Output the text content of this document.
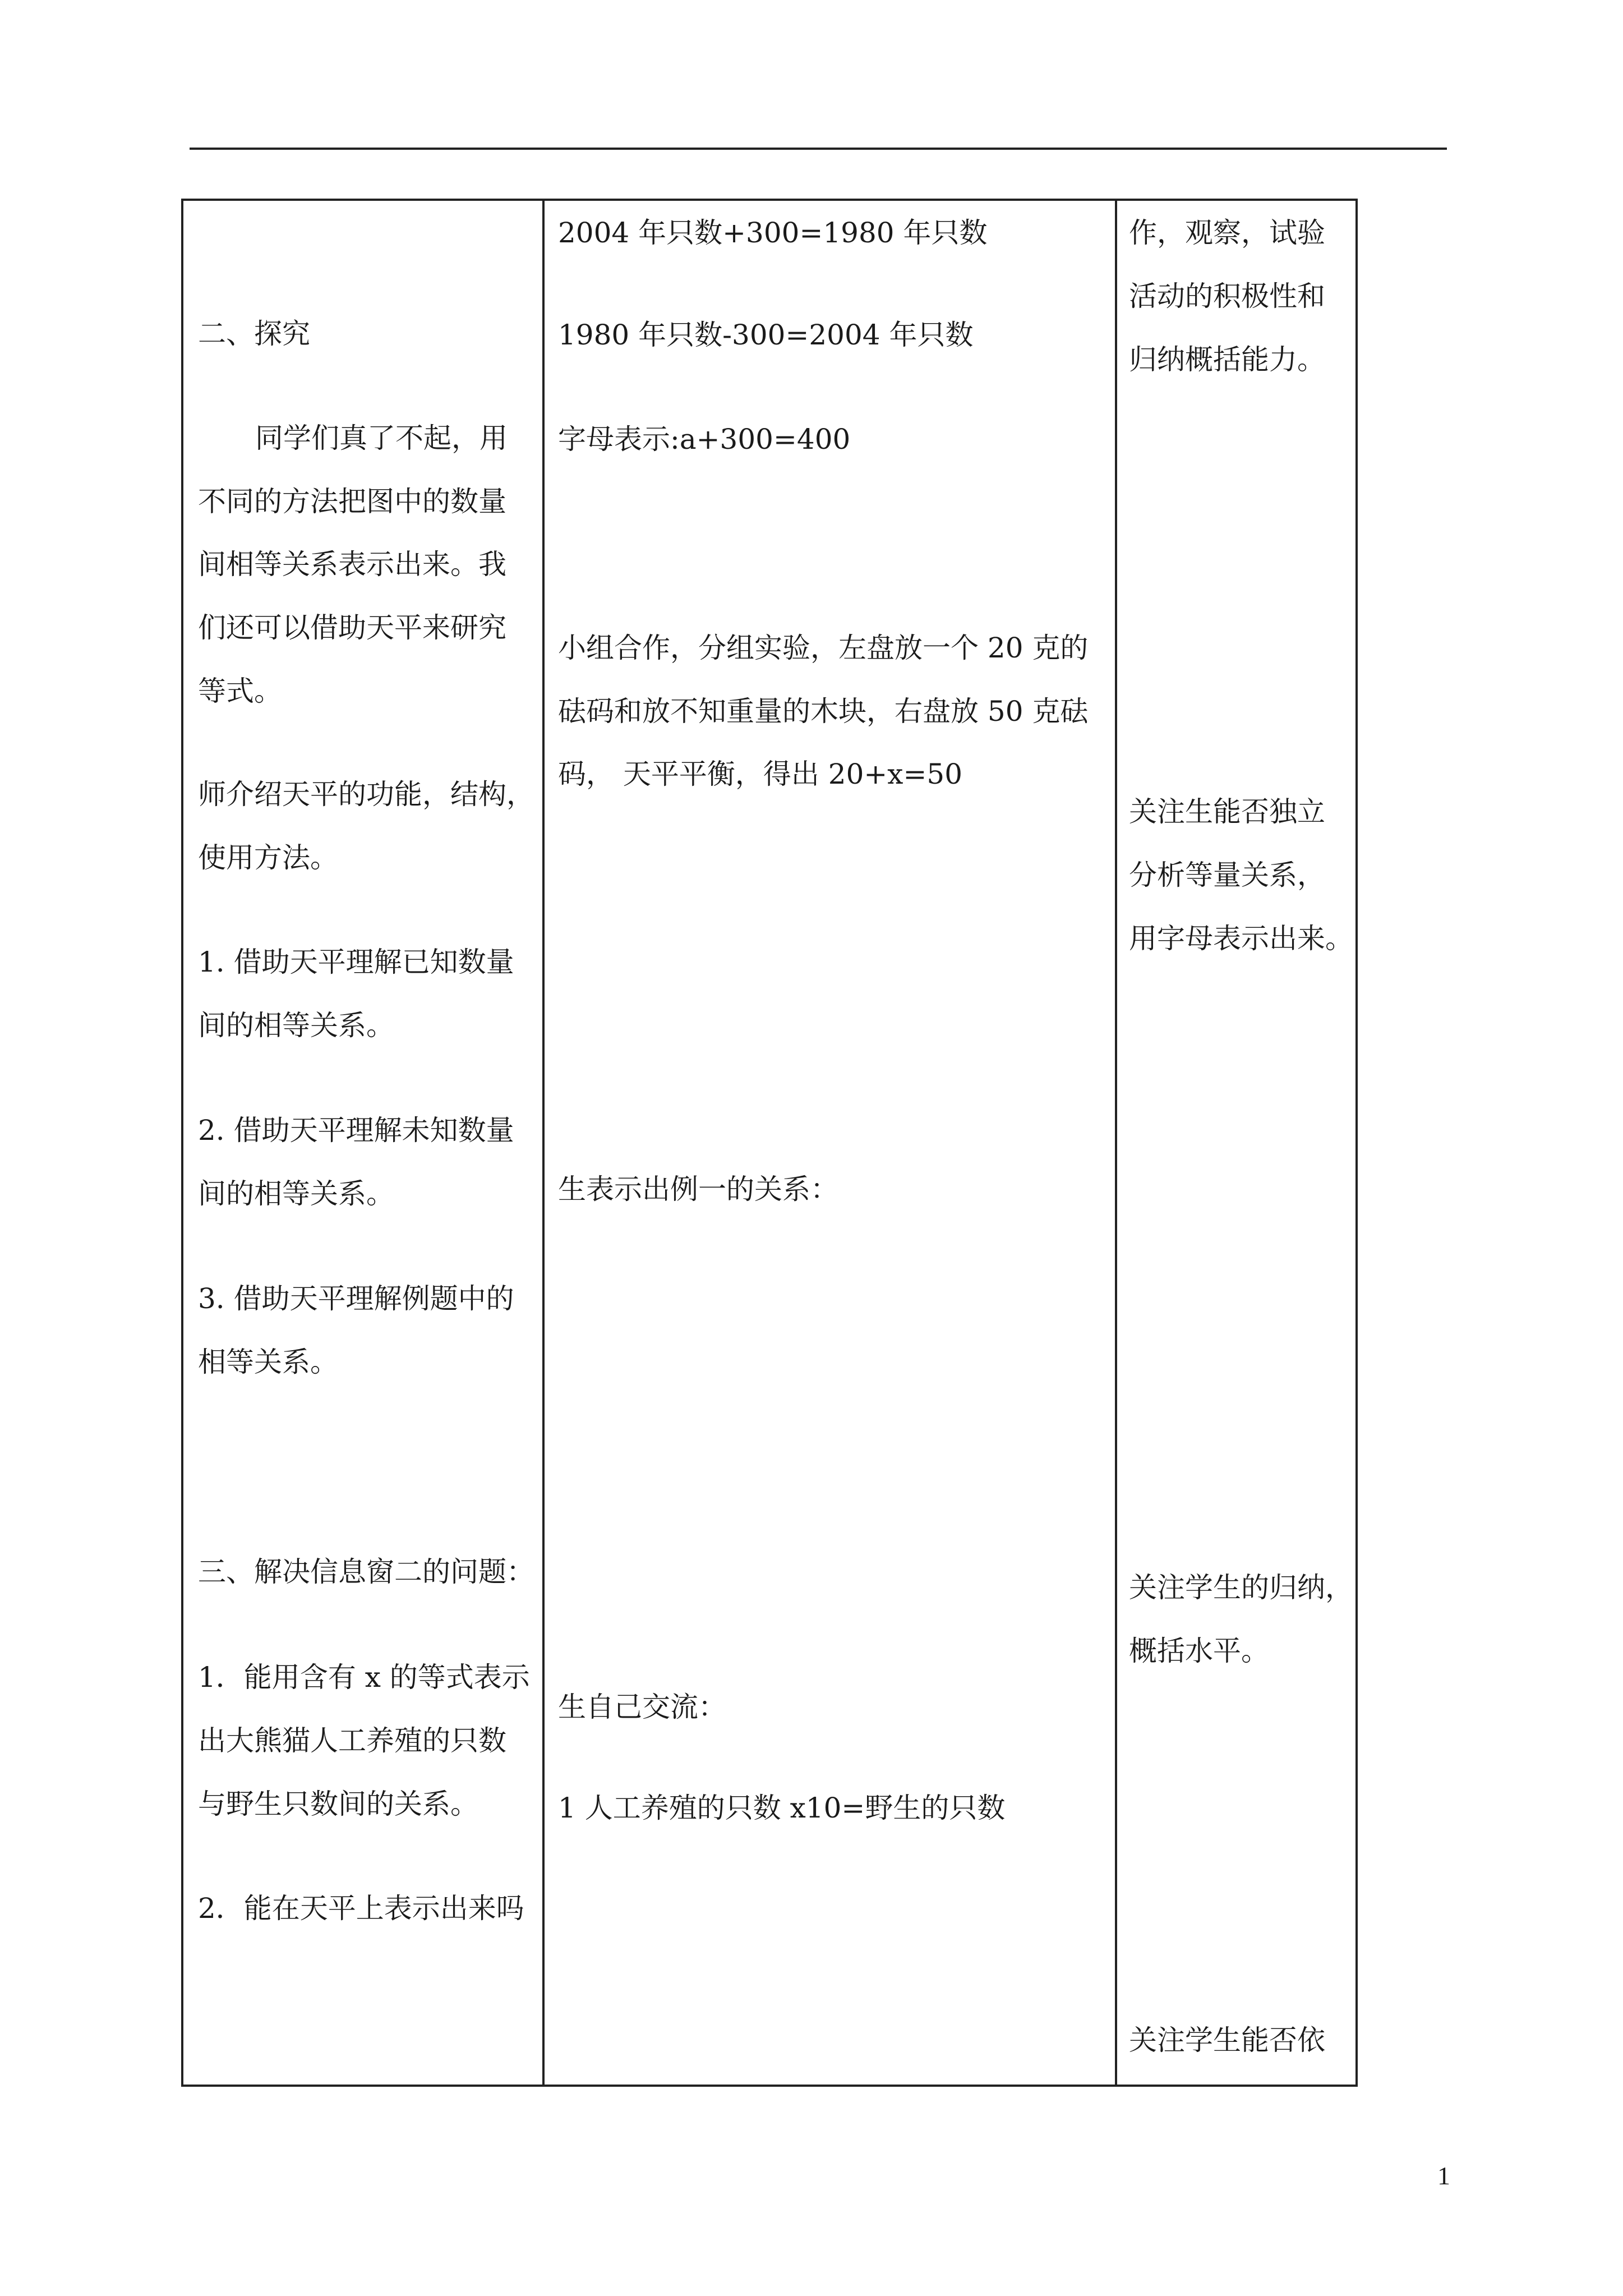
二、探究
同学们真了不起，用
不同的方法把图中的数量
间相等关系表示出来。我
们还可以借助天平来研究
等式。
师介绍天平的功能，结构，
使用方法。
1. 借助天平理解已知数量
间的相等关系。
2. 借助天平理解未知数量
间的相等关系。
3. 借助天平理解例题中的
相等关系。
三、解决信息窗二的问题：
1．能用含有 x 的等式表示
出大熊猫人工养殖的只数
与野生只数间的关系。
2．能在天平上表示出来吗
2004 年只数+300=1980 年只数
1980 年只数-300=2004 年只数
字母表示:a+300=400
小组合作，分组实验，左盘放一个 20 克的
砝码和放不知重量的木块，右盘放 50 克砝
码， 天平平衡，得出 20+x=50
生表示出例一的关系：
生自己交流：
1 人工养殖的只数 x10=野生的只数
作，观察，试验
活动的积极性和
归纳概括能力。
关注生能否独立
分析等量关系，
用字母表示出来。
关注学生的归纳，
概括水平。
关注学生能否依
1
